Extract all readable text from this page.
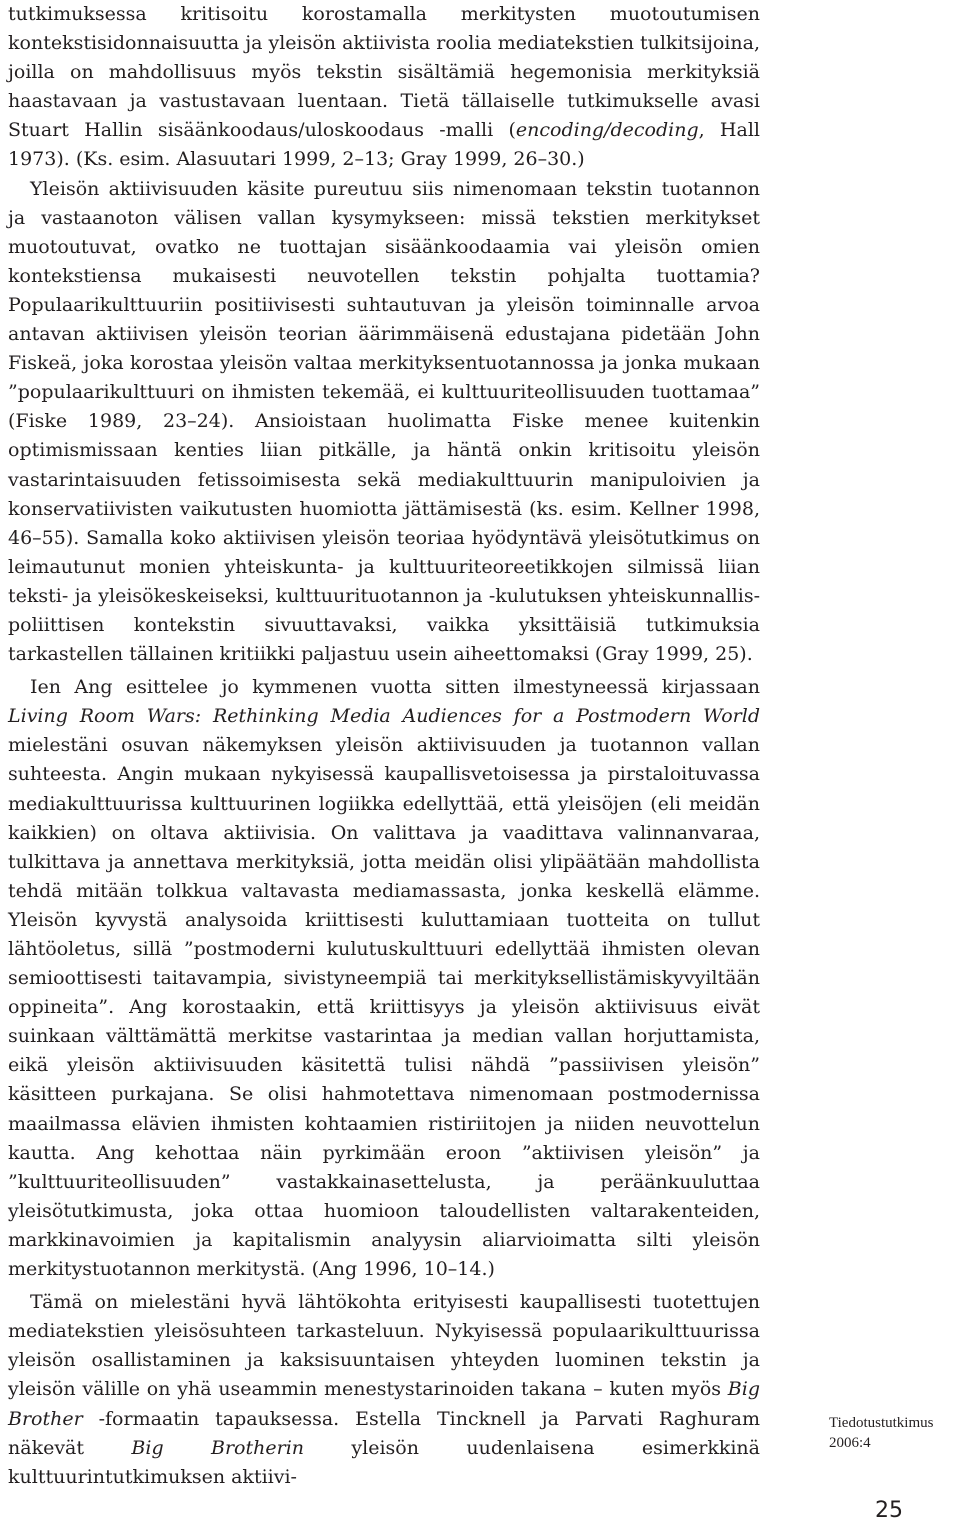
tutkimuksessa kritisoitu korostamalla merkitysten muotoutumisen kontekstisidonnaisuutta ja yleisön aktiivista roolia mediatekstien tulkitsijoina, joilla on mahdollisuus myös tekstin sisältämiä hegemonisia merkityksiä haastavaan ja vastustavaan luentaan. Tietä tällaiselle tutkimukselle avasi Stuart Hallin sisäänkoodaus/uloskoodaus -malli (encoding/decoding, Hall 1973). (Ks. esim. Alasuutari 1999, 2–13; Gray 1999, 26–30.)

Yleisön aktiivisuuden käsite pureutuu siis nimenomaan tekstin tuotannon ja vastaanoton välisen vallan kysymykseen: missä tekstien merkitykset muotoutuvat, ovatko ne tuottajan sisäänkoodaamia vai yleisön omien kontekstiensa mukaisesti neuvotellen tekstin pohjalta tuottamia? Populaarikulttuuriin positiivisesti suhtautuvan ja yleisön toiminnalle arvoa antavan aktiivisen yleisön teorian äärimmäisenä edustajana pidetään John Fiskeä, joka korostaa yleisön valtaa merkityksentuotannossa ja jonka mukaan ”populaarikulttuuri on ihmisten tekemää, ei kulttuuriteollisuuden tuottamaa” (Fiske 1989, 23–24). Ansioistaan huolimatta Fiske menee kuitenkin optimismissaan kenties liian pitkälle, ja häntä onkin kritisoitu yleisön vastarintaisuuden fetissoimisesta sekä mediakulttuurin manipuloivien ja konservatiivisten vaikutusten huomiotta jättämisestä (ks. esim. Kellner 1998, 46–55). Samalla koko aktiivisen yleisön teoriaa hyödyntävä yleisötutkimus on leimautunut monien yhteiskunta- ja kulttuuriteoreetikkojen silmissä liian teksti- ja yleisökeskeiseksi, kulttuurituotannon ja -kulutuksen yhteiskunnallis-poliittisen kontekstin sivuuttavaksi, vaikka yksittäisiä tutkimuksia tarkastellen tällainen kritiikki paljastuu usein aiheettomaksi (Gray 1999, 25).

Ien Ang esittelee jo kymmenen vuotta sitten ilmestyneessä kirjassaan Living Room Wars: Rethinking Media Audiences for a Postmodern World mielestäni osuvan näkemyksen yleisön aktiivisuuden ja tuotannon vallan suhteesta. Angin mukaan nykyisessä kaupallisvetoisessa ja pirstaloituvassa mediakulttuurissa kulttuurinen logiikka edellyttää, että yleisöjen (eli meidän kaikkien) on oltava aktiivisia. On valittava ja vaadittava valinnanvaraa, tulkittava ja annettava merkityksiä, jotta meidän olisi ylipäätään mahdollista tehdä mitään tolkkua valtavasta mediamassasta, jonka keskellä elämme. Yleisön kyvystä analysoida kriittisesti kuluttamiaan tuotteita on tullut lähtöoletus, sillä ”postmoderni kulutuskulttuuri edellyttää ihmisten olevan semioottisesti taitavampia, sivistyneempiä tai merkityksellistämiskyvyiltään oppineita”. Ang korostaakin, että kriittisyys ja yleisön aktiivisuus eivät suinkaan välttämättä merkitse vastarintaa ja median vallan horjuttamista, eikä yleisön aktiivisuuden käsitettä tulisi nähdä ”passiivisen yleisön” käsitteen purkajana. Se olisi hahmotettava nimenomaan postmodernissa maailmassa elävien ihmisten kohtaamien ristiriitojen ja niiden neuvottelun kautta. Ang kehottaa näin pyrkimään eroon ”aktiivisen yleisön” ja ”kulttuuriteollisuuden” vastakkainasettelusta, ja peräänkuuluttaa yleisötutkimusta, joka ottaa huomioon taloudellisten valtarakenteiden, markkinavoimien ja kapitalismin analyysin aliarvioimatta silti yleisön merkitystuotannon merkitystä. (Ang 1996, 10–14.)

Tämä on mielestäni hyvä lähtökohta erityisesti kaupallisesti tuotettujen mediatekstien yleisösuhteen tarkasteluun. Nykyisessä populaarikulttuurissa yleisön osallistaminen ja kaksisuuntaisen yhteyden luominen tekstin ja yleisön välille on yhä useammin menestystarinoiden takana – kuten myös Big Brother -formaatin tapauksessa. Estella Tincknell ja Parvati Raghuram näkevät Big Brotherin yleisön uudenlaisena esimerkkinä kulttuurintutkimuksen aktiivi-

Tiedotustutkimus
2006:4
25
